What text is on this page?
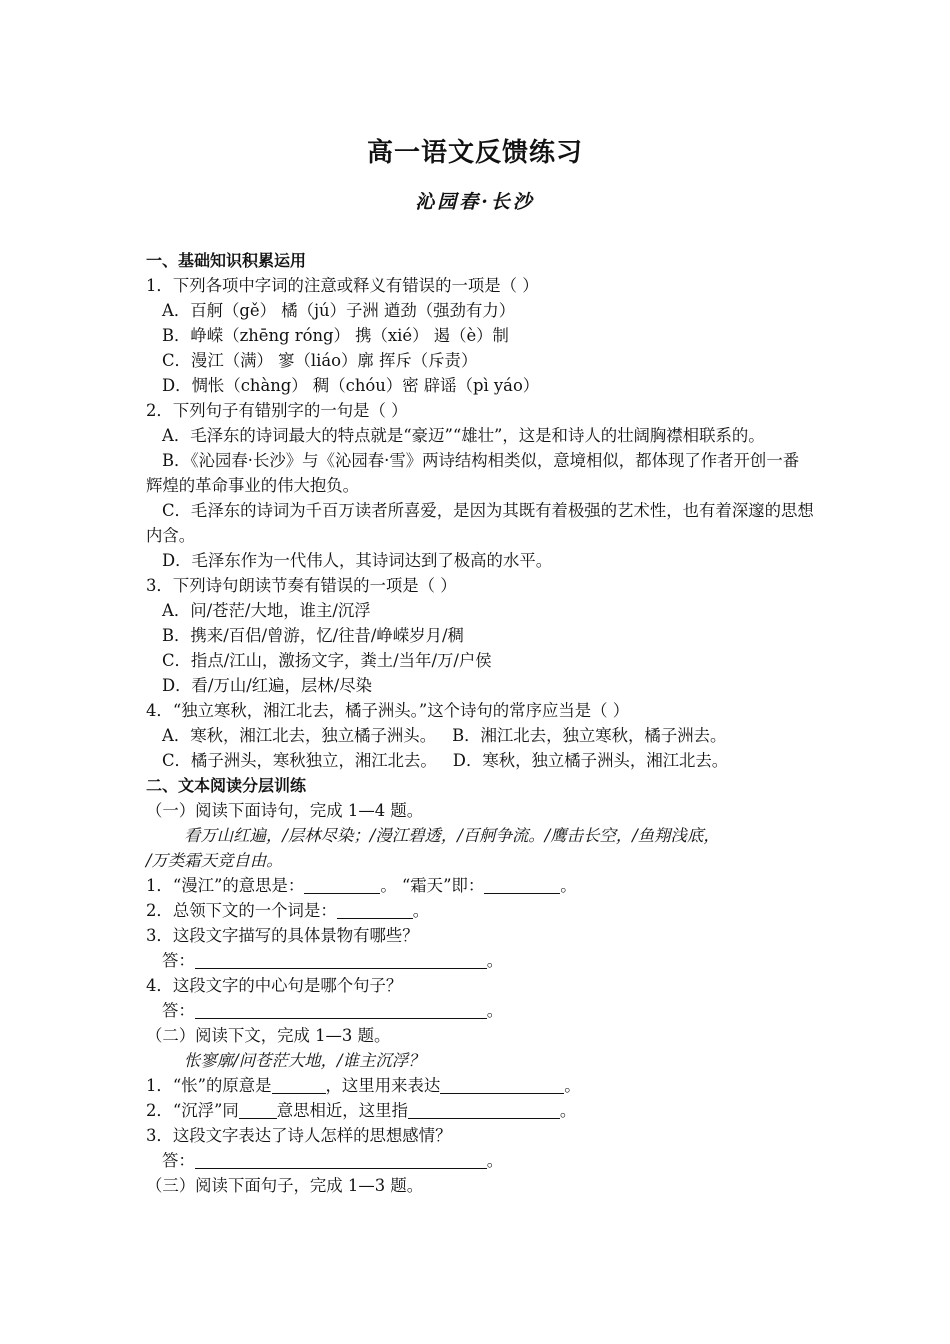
高一语文反馈练习
沁园春·长沙
一、基础知识积累运用
1．下列各项中字词的注意或释义有错误的一项是（ ）
A．百舸（gě） 橘（jú）子洲 遒劲（强劲有力）
B．峥嵘（zhēng róng） 携（xié） 遏（è）制
C．漫江（满） 寥（liáo）廓 挥斥（斥责）
D．惆怅（chàng） 稠（chóu）密 辟谣（pì yáo）
2．下列句子有错别字的一句是（ ）
A．毛泽东的诗词最大的特点就是“豪迈”“雄壮”，这是和诗人的壮阔胸襟相联系的。
B．《沁园春·长沙》与《沁园春·雪》两诗结构相类似，意境相似，都体现了作者开创一番辉煌的革命事业的伟大抱负。
C．毛泽东的诗词为千百万读者所喜爱，是因为其既有着极强的艺术性，也有着深邃的思想内含。
D．毛泽东作为一代伟人，其诗词达到了极高的水平。
3．下列诗句朗读节奏有错误的一项是（ ）
A．问/苍茫/大地，谁主/沉浮
B．携来/百侣/曾游，忆/往昔/峥嵘岁月/稠
C．指点/江山，激扬文字，粪土/当年/万/户侯
D．看/万山/红遍，层林/尽染
4．“独立寒秋，湘江北去，橘子洲头。”这个诗句的常序应当是（ ）
A．寒秋，湘江北去，独立橘子洲头。 B．湘江北去，独立寒秋，橘子洲去。
C．橘子洲头，寒秋独立，湘江北去。 D．寒秋，独立橘子洲头，湘江北去。
二、文本阅读分层训练
（一）阅读下面诗句，完成 1—4 题。
看万山红遍，/层林尽染；/漫江碧透，/百舸争流。/鹰击长空，/鱼翔浅底，
/万类霜天竞自由。
1．“漫江”的意思是：	。 “霜天”即：	。
2．总领下文的一个词是：	。
3．这段文字描写的具体景物有哪些？
答：	。
4．这段文字的中心句是哪个句子？
答：	。
（二）阅读下文，完成 1—3 题。
怅寥廓/问苍茫大地，/谁主沉浮？
1．“怅”的原意是	，这里用来表达	。
2．“沉浮”同 意思相近，这里指	。
3．这段文字表达了诗人怎样的思想感情？
答：	。
（三）阅读下面句子，完成 1—3 题。
